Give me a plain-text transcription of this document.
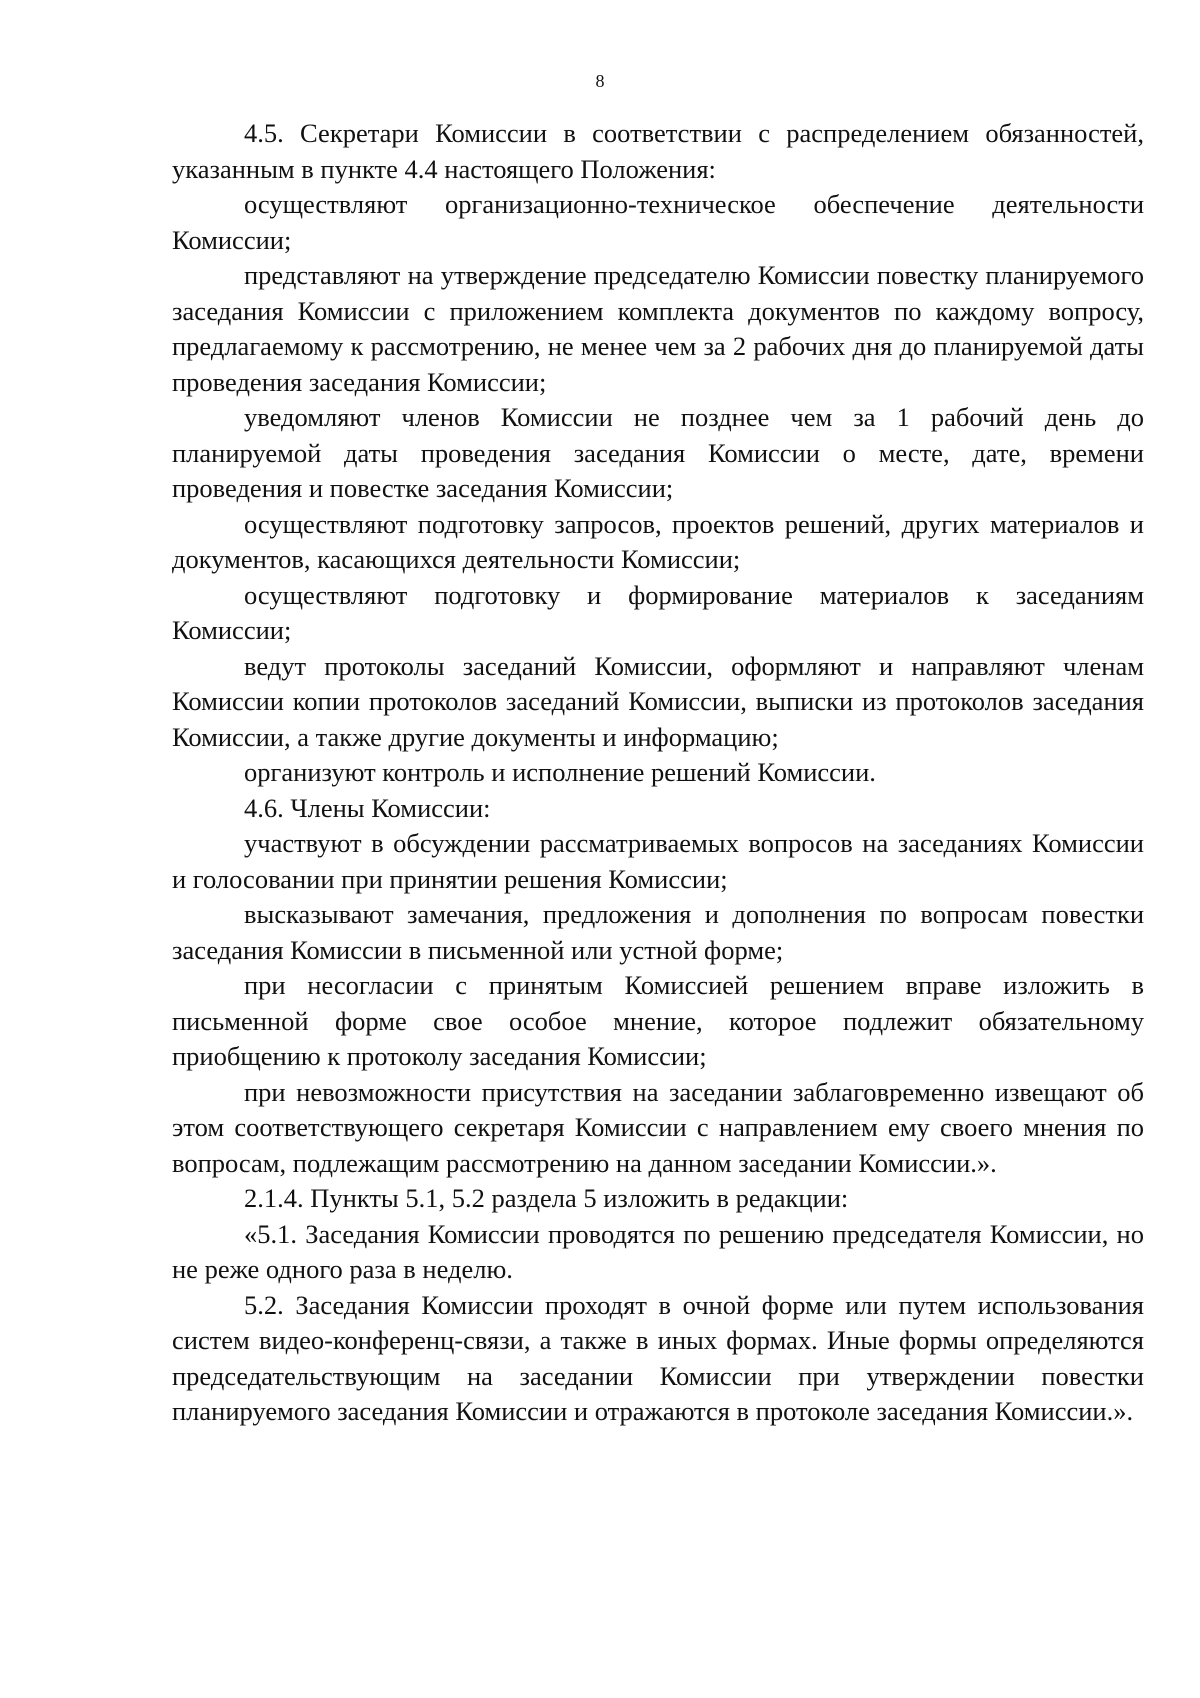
8

4.5. Секретари Комиссии в соответствии с распределением обязанностей, указанным в пункте 4.4 настоящего Положения:

осуществляют организационно-техническое обеспечение деятельности Комиссии;

представляют на утверждение председателю Комиссии повестку планируемого заседания Комиссии с приложением комплекта документов по каждому вопросу, предлагаемому к рассмотрению, не менее чем за 2 рабочих дня до планируемой даты проведения заседания Комиссии;

уведомляют членов Комиссии не позднее чем за 1 рабочий день до планируемой даты проведения заседания Комиссии о месте, дате, времени проведения и повестке заседания Комиссии;

осуществляют подготовку запросов, проектов решений, других материалов и документов, касающихся деятельности Комиссии;

осуществляют подготовку и формирование материалов к заседаниям Комиссии;

ведут протоколы заседаний Комиссии, оформляют и направляют членам Комиссии копии протоколов заседаний Комиссии, выписки из протоколов заседания Комиссии, а также другие документы и информацию;

организуют контроль и исполнение решений Комиссии.

4.6. Члены Комиссии:

участвуют в обсуждении рассматриваемых вопросов на заседаниях Комиссии и голосовании при принятии решения Комиссии;

высказывают замечания, предложения и дополнения по вопросам повестки заседания Комиссии в письменной или устной форме;

при несогласии с принятым Комиссией решением вправе изложить в письменной форме свое особое мнение, которое подлежит обязательному приобщению к протоколу заседания Комиссии;

при невозможности присутствия на заседании заблаговременно извещают об этом соответствующего секретаря Комиссии с направлением ему своего мнения по вопросам, подлежащим рассмотрению на данном заседании Комиссии.».

2.1.4. Пункты 5.1, 5.2 раздела 5 изложить в редакции:

«5.1. Заседания Комиссии проводятся по решению председателя Комиссии, но не реже одного раза в неделю.

5.2. Заседания Комиссии проходят в очной форме или путем использования систем видео-конференц-связи, а также в иных формах. Иные формы определяются председательствующим на заседании Комиссии при утверждении повестки планируемого заседания Комиссии и отражаются в протоколе заседания Комиссии.».
